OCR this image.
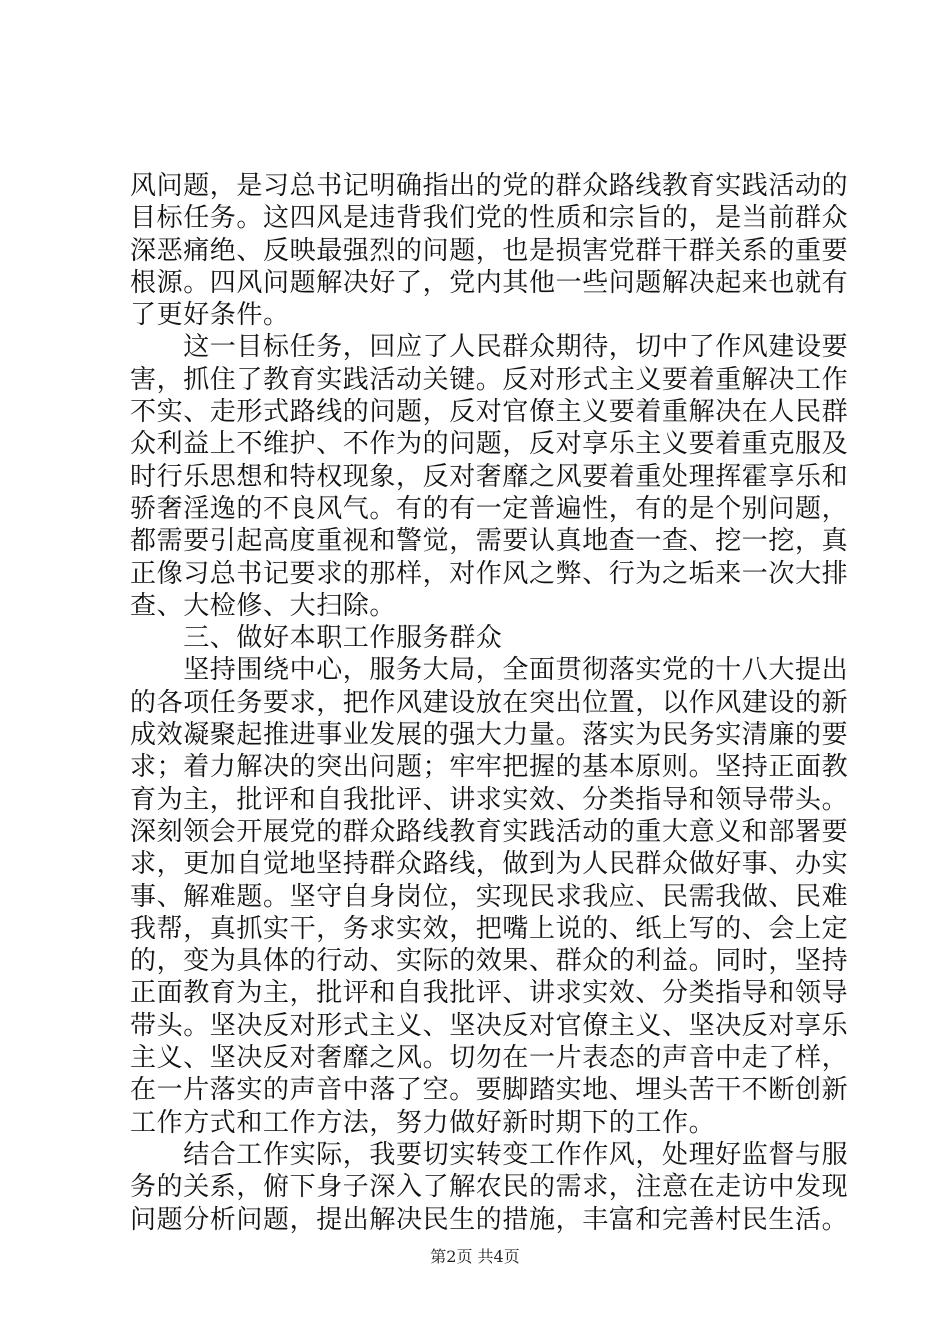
风问题，是习总书记明确指出的党的群众路线教育实践活动的
目标任务。这四风是违背我们党的性质和宗旨的，是当前群众
深恶痛绝、反映最强烈的问题，也是损害党群干群关系的重要
根源。四风问题解决好了，党内其他一些问题解决起来也就有
了更好条件。
　　这一目标任务，回应了人民群众期待，切中了作风建设要
害，抓住了教育实践活动关键。反对形式主义要着重解决工作
不实、走形式路线的问题，反对官僚主义要着重解决在人民群
众利益上不维护、不作为的问题，反对享乐主义要着重克服及
时行乐思想和特权现象，反对奢靡之风要着重处理挥霍享乐和
骄奢淫逸的不良风气。有的有一定普遍性，有的是个别问题，
都需要引起高度重视和警觉，需要认真地查一查、挖一挖，真
正像习总书记要求的那样，对作风之弊、行为之垢来一次大排
查、大检修、大扫除。
　　三、做好本职工作服务群众
　　坚持围绕中心，服务大局，全面贯彻落实党的十八大提出
的各项任务要求，把作风建设放在突出位置，以作风建设的新
成效凝聚起推进事业发展的强大力量。落实为民务实清廉的要
求；着力解决的突出问题；牢牢把握的基本原则。坚持正面教
育为主，批评和自我批评、讲求实效、分类指导和领导带头。
深刻领会开展党的群众路线教育实践活动的重大意义和部署要
求，更加自觉地坚持群众路线，做到为人民群众做好事、办实
事、解难题。坚守自身岗位，实现民求我应、民需我做、民难
我帮，真抓实干，务求实效，把嘴上说的、纸上写的、会上定
的，变为具体的行动、实际的效果、群众的利益。同时，坚持
正面教育为主，批评和自我批评、讲求实效、分类指导和领导
带头。坚决反对形式主义、坚决反对官僚主义、坚决反对享乐
主义、坚决反对奢靡之风。切勿在一片表态的声音中走了样，
在一片落实的声音中落了空。要脚踏实地、埋头苦干不断创新
工作方式和工作方法，努力做好新时期下的工作。
　　结合工作实际，我要切实转变工作作风，处理好监督与服
务的关系，俯下身子深入了解农民的需求，注意在走访中发现
问题分析问题，提出解决民生的措施，丰富和完善村民生活。
第2页 共4页
